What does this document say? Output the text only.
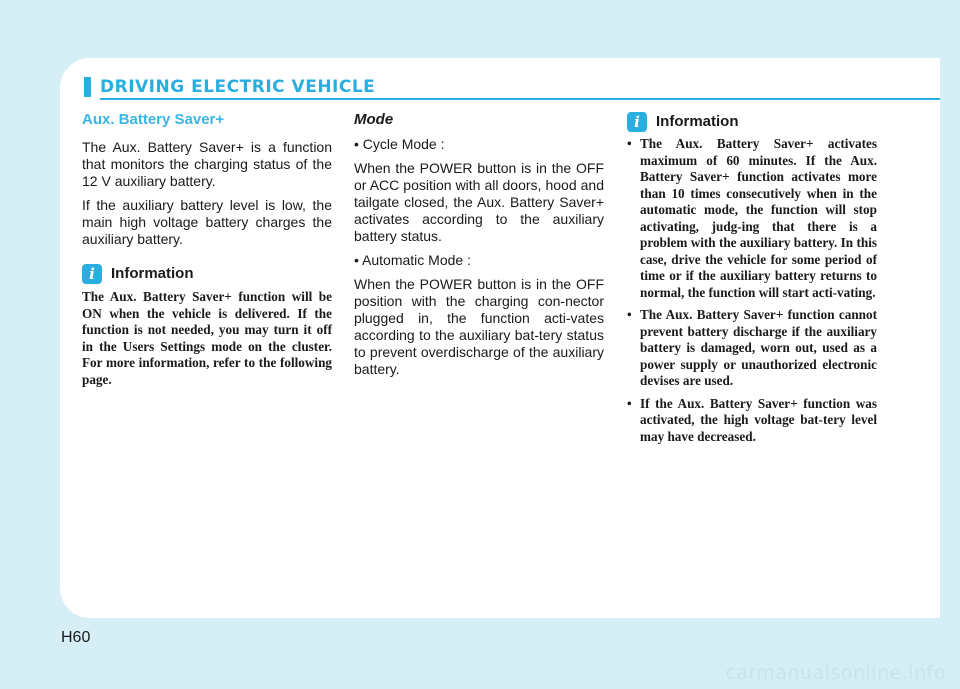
DRIVING ELECTRIC VEHICLE
Aux. Battery Saver+

The Aux. Battery Saver+ is a function that monitors the charging status of the 12 V auxiliary battery.

If the auxiliary battery level is low, the main high voltage battery charges the auxiliary battery.

i	Information

The Aux. Battery Saver+ function will be ON when the vehicle is delivered. If the function is not needed, you may turn it off in the Users Settings mode on the cluster. For more information, refer to the following page.

Mode

• Cycle Mode :

When the POWER button is in the OFF or ACC position with all doors, hood and tailgate closed, the Aux. Battery Saver+ activates according to the auxiliary battery status.

• Automatic Mode :

When the POWER button is in the OFF position with the charging con-nector plugged in, the function acti-vates according to the auxiliary bat-tery status to prevent overdischarge of the auxiliary battery.

i	Information
• The Aux. Battery Saver+ activates maximum of 60 minutes. If the Aux. Battery Saver+ function activates more than 10 times consecutively when in the automatic mode, the function will stop activating, judg-ing that there is a problem with the auxiliary battery. In this case, drive the vehicle for some period of time or if the auxiliary battery returns to normal, the function will start acti-vating.
• The Aux. Battery Saver+ function cannot prevent battery discharge if the auxiliary battery is damaged, worn out, used as a power supply or unauthorized electronic devises are used.
• If the Aux. Battery Saver+ function was activated, the high voltage bat-tery level may have decreased.
H60
carmanualsonline.info
